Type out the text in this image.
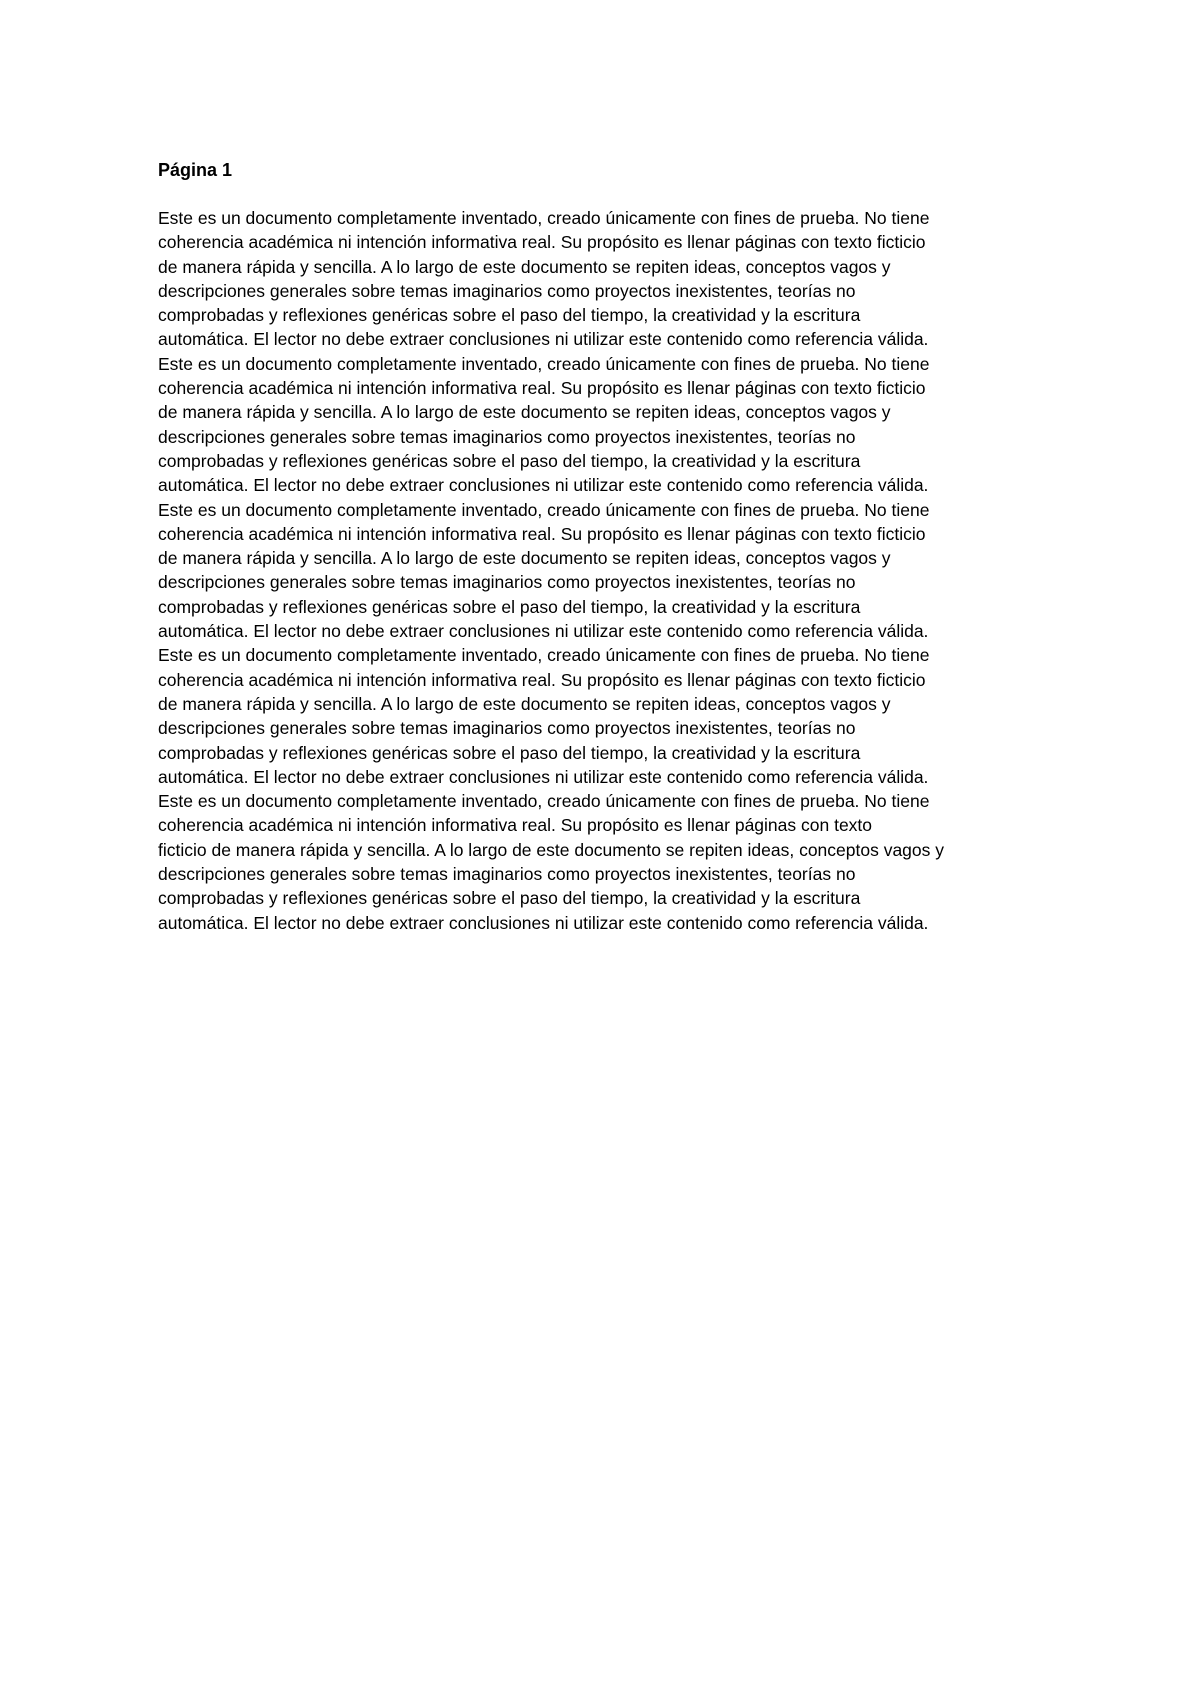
Página 1

Este es un documento completamente inventado, creado únicamente con fines de prueba. No tiene
coherencia académica ni intención informativa real. Su propósito es llenar páginas con texto ficticio
de manera rápida y sencilla. A lo largo de este documento se repiten ideas, conceptos vagos y
descripciones generales sobre temas imaginarios como proyectos inexistentes, teorías no
comprobadas y reflexiones genéricas sobre el paso del tiempo, la creatividad y la escritura
automática. El lector no debe extraer conclusiones ni utilizar este contenido como referencia válida.
Este es un documento completamente inventado, creado únicamente con fines de prueba. No tiene
coherencia académica ni intención informativa real. Su propósito es llenar páginas con texto ficticio
de manera rápida y sencilla. A lo largo de este documento se repiten ideas, conceptos vagos y
descripciones generales sobre temas imaginarios como proyectos inexistentes, teorías no
comprobadas y reflexiones genéricas sobre el paso del tiempo, la creatividad y la escritura
automática. El lector no debe extraer conclusiones ni utilizar este contenido como referencia válida.
Este es un documento completamente inventado, creado únicamente con fines de prueba. No tiene
coherencia académica ni intención informativa real. Su propósito es llenar páginas con texto ficticio
de manera rápida y sencilla. A lo largo de este documento se repiten ideas, conceptos vagos y
descripciones generales sobre temas imaginarios como proyectos inexistentes, teorías no
comprobadas y reflexiones genéricas sobre el paso del tiempo, la creatividad y la escritura
automática. El lector no debe extraer conclusiones ni utilizar este contenido como referencia válida.
Este es un documento completamente inventado, creado únicamente con fines de prueba. No tiene
coherencia académica ni intención informativa real. Su propósito es llenar páginas con texto ficticio
de manera rápida y sencilla. A lo largo de este documento se repiten ideas, conceptos vagos y
descripciones generales sobre temas imaginarios como proyectos inexistentes, teorías no
comprobadas y reflexiones genéricas sobre el paso del tiempo, la creatividad y la escritura
automática. El lector no debe extraer conclusiones ni utilizar este contenido como referencia válida.
Este es un documento completamente inventado, creado únicamente con fines de prueba. No tiene
coherencia académica ni intención informativa real. Su propósito es llenar páginas con texto
ficticio de manera rápida y sencilla. A lo largo de este documento se repiten ideas, conceptos vagos y
descripciones generales sobre temas imaginarios como proyectos inexistentes, teorías no
comprobadas y reflexiones genéricas sobre el paso del tiempo, la creatividad y la escritura
automática. El lector no debe extraer conclusiones ni utilizar este contenido como referencia válida.
